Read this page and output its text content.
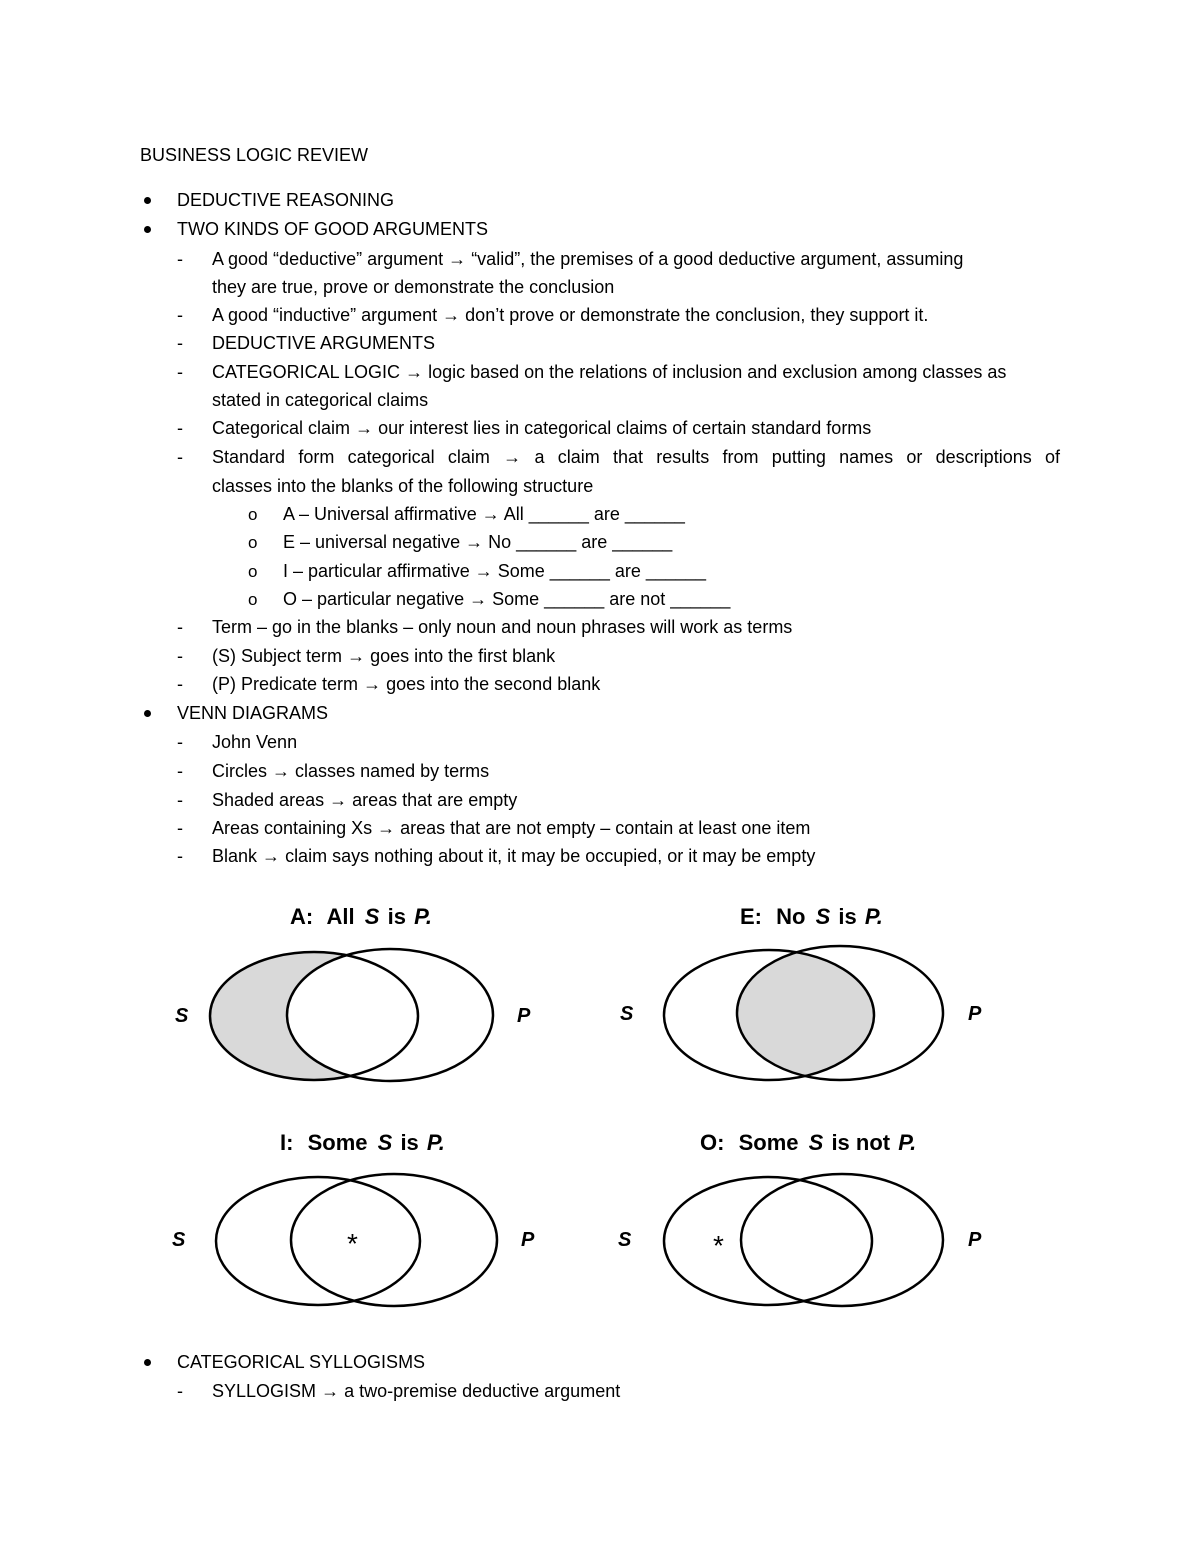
BUSINESS LOGIC REVIEW
DEDUCTIVE REASONING
TWO KINDS OF GOOD ARGUMENTS
- A good “deductive” argument → “valid”, the premises of a good deductive argument, assuming
they are true, prove or demonstrate the conclusion
- A good “inductive” argument → don’t prove or demonstrate the conclusion, they support it.
- DEDUCTIVE ARGUMENTS
- CATEGORICAL LOGIC → logic based on the relations of inclusion and exclusion among classes as
stated in categorical claims
- Categorical claim → our interest lies in categorical claims of certain standard forms
- Standard form categorical claim → a claim that results from putting names or descriptions of
classes into the blanks of the following structure
o A – Universal affirmative → All ______ are ______
o E – universal negative → No ______ are ______
o I – particular affirmative → Some ______ are ______
o O – particular negative → Some ______ are not ______
- Term – go in the blanks – only noun and noun phrases will work as terms
- (S) Subject term → goes into the first blank
- (P) Predicate term → goes into the second blank
VENN DIAGRAMS
- John Venn
- Circles → classes named by terms
- Shaded areas → areas that are empty
- Areas containing Xs → areas that are not empty – contain at least one item
- Blank → claim says nothing about it, it may be occupied, or it may be empty
A: All S is P.
S	P
E: No S is P.
S	P
I: Some S is P.
*
S	P
O: Some S is not P.
*
S	P
CATEGORICAL SYLLOGISMS
- SYLLOGISM → a two-premise deductive argument
